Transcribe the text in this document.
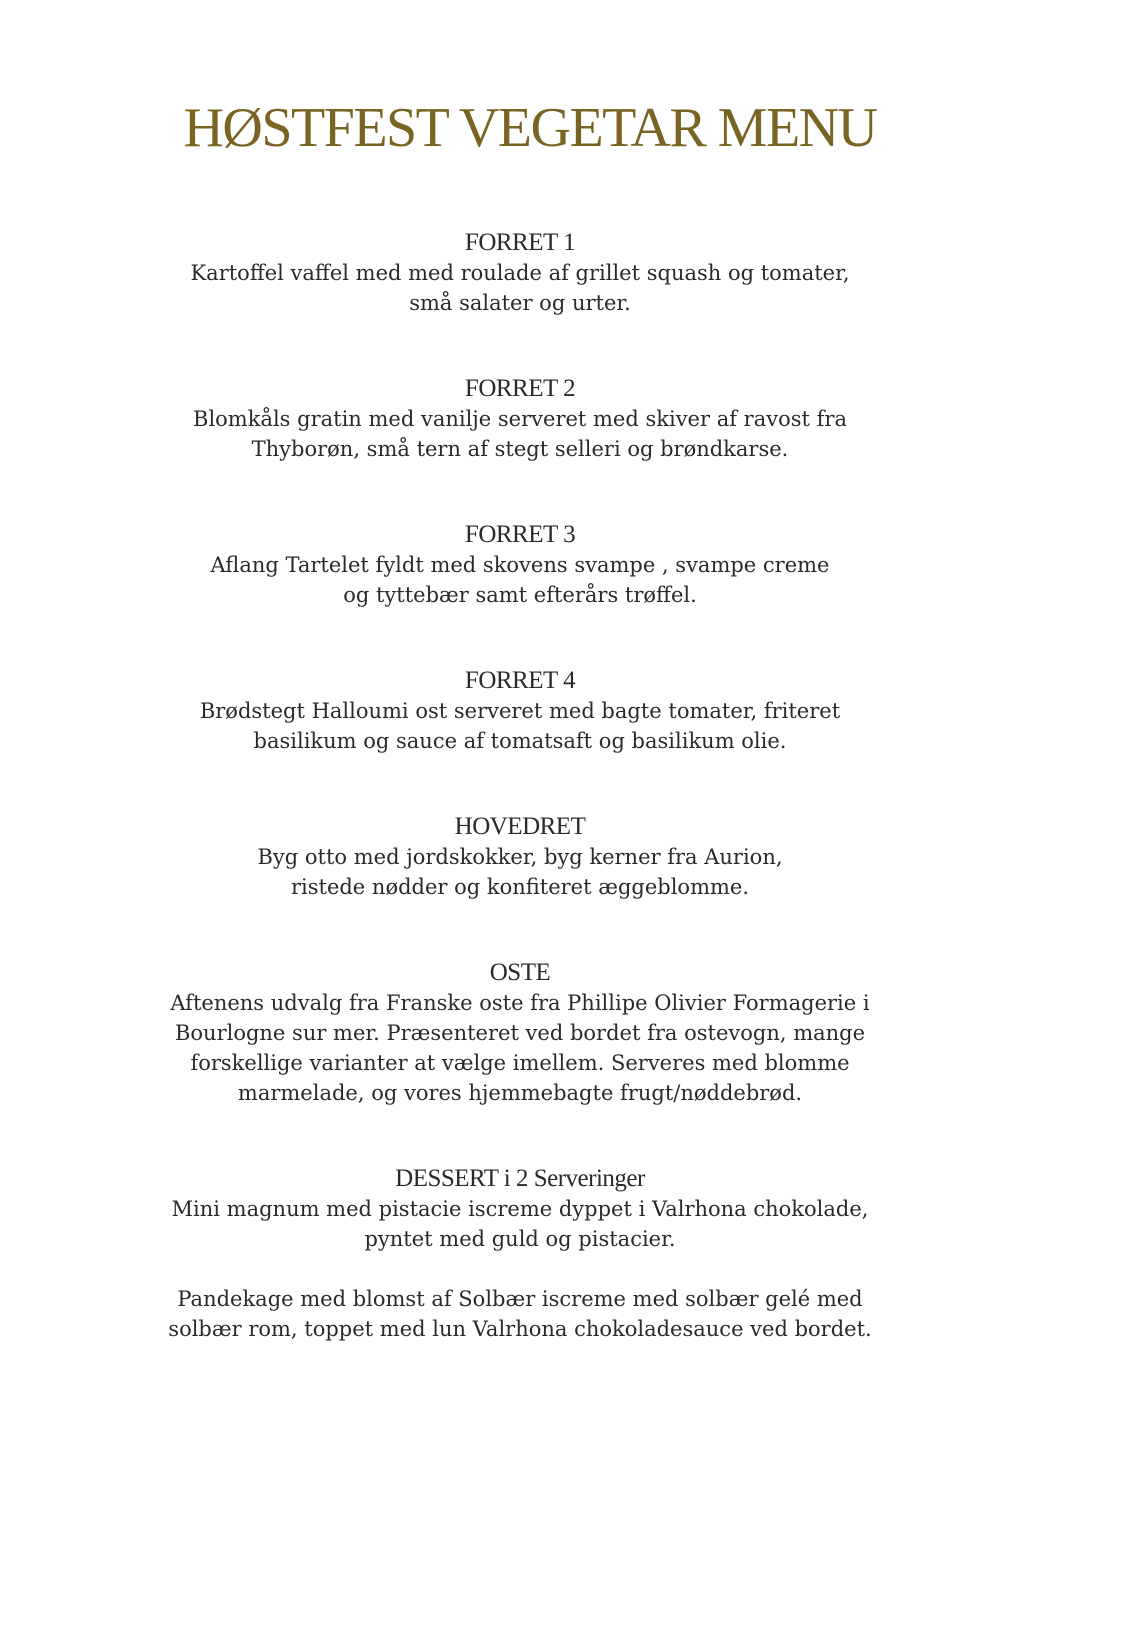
HØSTFEST VEGETAR MENU
FORRET 1
Kartoffel vaffel med med roulade af grillet squash og tomater,
små salater og urter.
FORRET 2
Blomkåls gratin med vanilje serveret med skiver af ravost fra
Thyborøn, små tern af stegt selleri og brøndkarse.
FORRET 3
Aflang Tartelet fyldt med skovens svampe , svampe creme
og tyttebær samt efterårs trøffel.
FORRET 4
Brødstegt Halloumi ost serveret med bagte tomater, friteret
basilikum og sauce af tomatsaft og basilikum olie.
HOVEDRET
Byg otto med jordskokker, byg kerner fra Aurion,
ristede nødder og konfiteret æggeblomme.
OSTE
Aftenens udvalg fra Franske oste fra Phillipe Olivier Formagerie i
Bourlogne sur mer. Præsenteret ved bordet fra ostevogn, mange
forskellige varianter at vælge imellem. Serveres med blomme
marmelade, og vores hjemmebagte frugt/nøddebrød.
DESSERT i 2 Serveringer
Mini magnum med pistacie iscreme dyppet i Valrhona chokolade,
pyntet med guld og pistacier.
Pandekage med blomst af Solbær iscreme med solbær gelé med
solbær rom, toppet med lun Valrhona chokoladesauce ved bordet.
